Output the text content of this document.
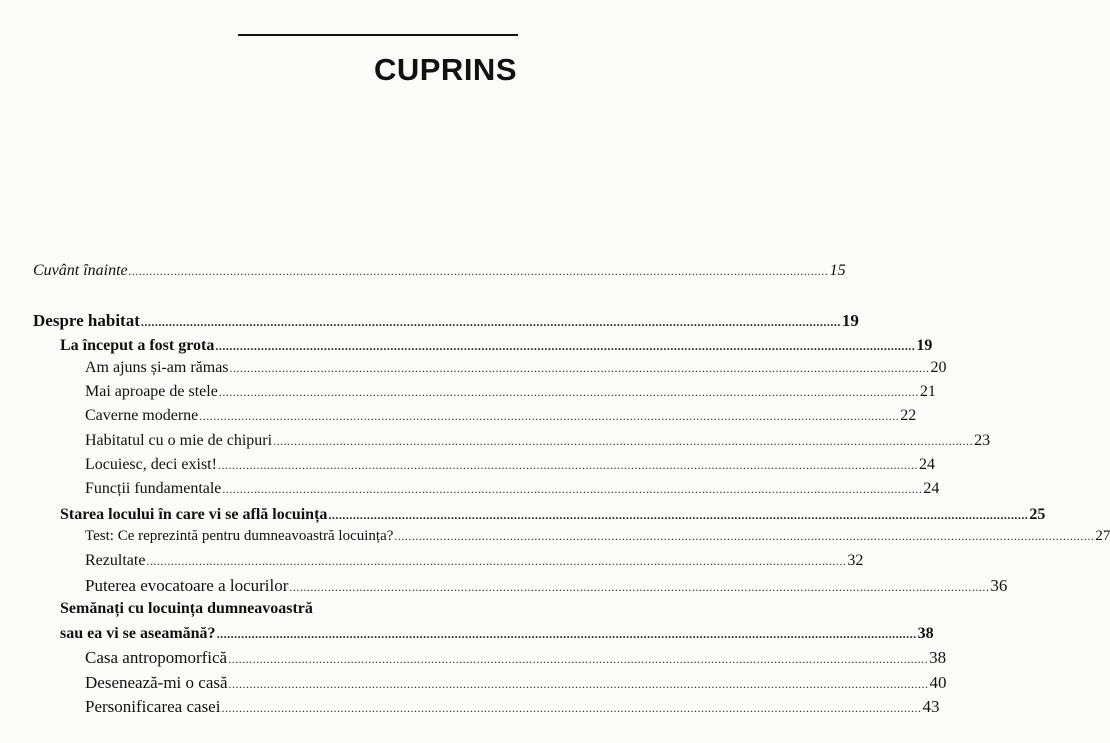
CUPRINS
Cuvânt înainte ........................................................................................................................................................................................................ 15
Despre habitat ........................................................................................................................................................................................................ 19
La început a fost grota ........................................................................................................................................................................................................ 19
Am ajuns și-am rămas ........................................................................................................................................................................................................ 20
Mai aproape de stele ........................................................................................................................................................................................................ 21
Caverne moderne ........................................................................................................................................................................................................ 22
Habitatul cu o mie de chipuri ........................................................................................................................................................................................................ 23
Locuiesc, deci exist! ........................................................................................................................................................................................................ 24
Funcții fundamentale ........................................................................................................................................................................................................ 24
Starea locului în care vi se află locuința ........................................................................................................................................................................................................ 25
Test: Ce reprezintă pentru dumneavoastră locuința? ........................................................................................................................................................................................................ 27
Rezultate ........................................................................................................................................................................................................ 32
Puterea evocatoare a locurilor ........................................................................................................................................................................................................ 36
Semănați cu locuința dumneavoastră
sau ea vi se aseamănă? ........................................................................................................................................................................................................ 38
Casa antropomorfică ........................................................................................................................................................................................................ 38
Desenează-mi o casă ........................................................................................................................................................................................................ 40
Personificarea casei ........................................................................................................................................................................................................ 43
